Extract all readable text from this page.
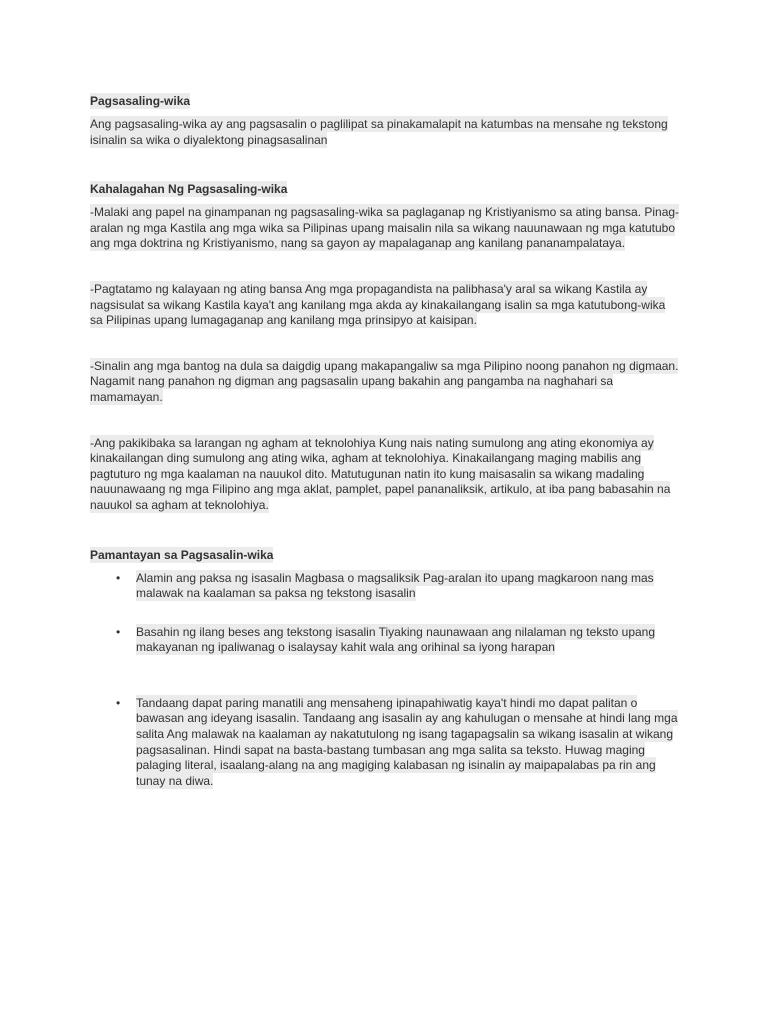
Pagsasaling-wika

Ang pagsasaling-wika ay ang pagsasalin o paglilipat sa pinakamalapit na katumbas na mensahe ng tekstong isinalin sa wika o diyalektong pinagsasalinan

Kahalagahan Ng Pagsasaling-wika

-Malaki ang papel na ginampanan ng pagsasaling-wika sa paglaganap ng Kristiyanismo sa ating bansa. Pinag-aralan ng mga Kastila ang mga wika sa Pilipinas upang maisalin nila sa wikang nauunawaan ng mga katutubo ang mga doktrina ng Kristiyanismo, nang sa gayon ay mapalaganap ang kanilang pananampalataya.

-Pagtatamo ng kalayaan ng ating bansa Ang mga propagandista na palibhasa'y aral sa wikang Kastila ay nagsisulat sa wikang Kastila kaya't ang kanilang mga akda ay kinakailangang isalin sa mga katutubong-wika sa Pilipinas upang lumagaganap ang kanilang mga prinsipyo at kaisipan.

-Sinalin ang mga bantog na dula sa daigdig upang makapangaliw sa mga Pilipino noong panahon ng digmaan. Nagamit nang panahon ng digman ang pagsasalin upang bakahin ang pangamba na naghahari sa mamamayan.

-Ang pakikibaka sa larangan ng agham at teknolohiya Kung nais nating sumulong ang ating ekonomiya ay kinakailangan ding sumulong ang ating wika, agham at teknolohiya. Kinakailangang maging mabilis ang pagtuturo ng mga kaalaman na nauukol dito. Matutugunan natin ito kung maisasalin sa wikang madaling nauunawaang ng mga Filipino ang mga aklat, pamplet, papel pananaliksik, artikulo, at iba pang babasahin na nauukol sa agham at teknolohiya.

Pamantayan sa Pagsasalin-wika

• Alamin ang paksa ng isasalin Magbasa o magsaliksik Pag-aralan ito upang magkaroon nang mas malawak na kaalaman sa paksa ng tekstong isasalin
• Basahin ng ilang beses ang tekstong isasalin Tiyaking naunawaan ang nilalaman ng teksto upang makayanan ng ipaliwanag o isalaysay kahit wala ang orihinal sa iyong harapan
• Tandaang dapat paring manatili ang mensaheng ipinapahiwatig kaya't hindi mo dapat palitan o bawasan ang ideyang isasalin. Tandaang ang isasalin ay ang kahulugan o mensahe at hindi lang mga salita Ang malawak na kaalaman ay nakatutulong ng isang tagapagsalin sa wikang isasalin at wikang pagsasalinan. Hindi sapat na basta-bastang tumbasan ang mga salita sa teksto. Huwag maging palaging literal, isaalang-alang na ang magiging kalabasan ng isinalin ay maipapalabas pa rin ang tunay na diwa.
